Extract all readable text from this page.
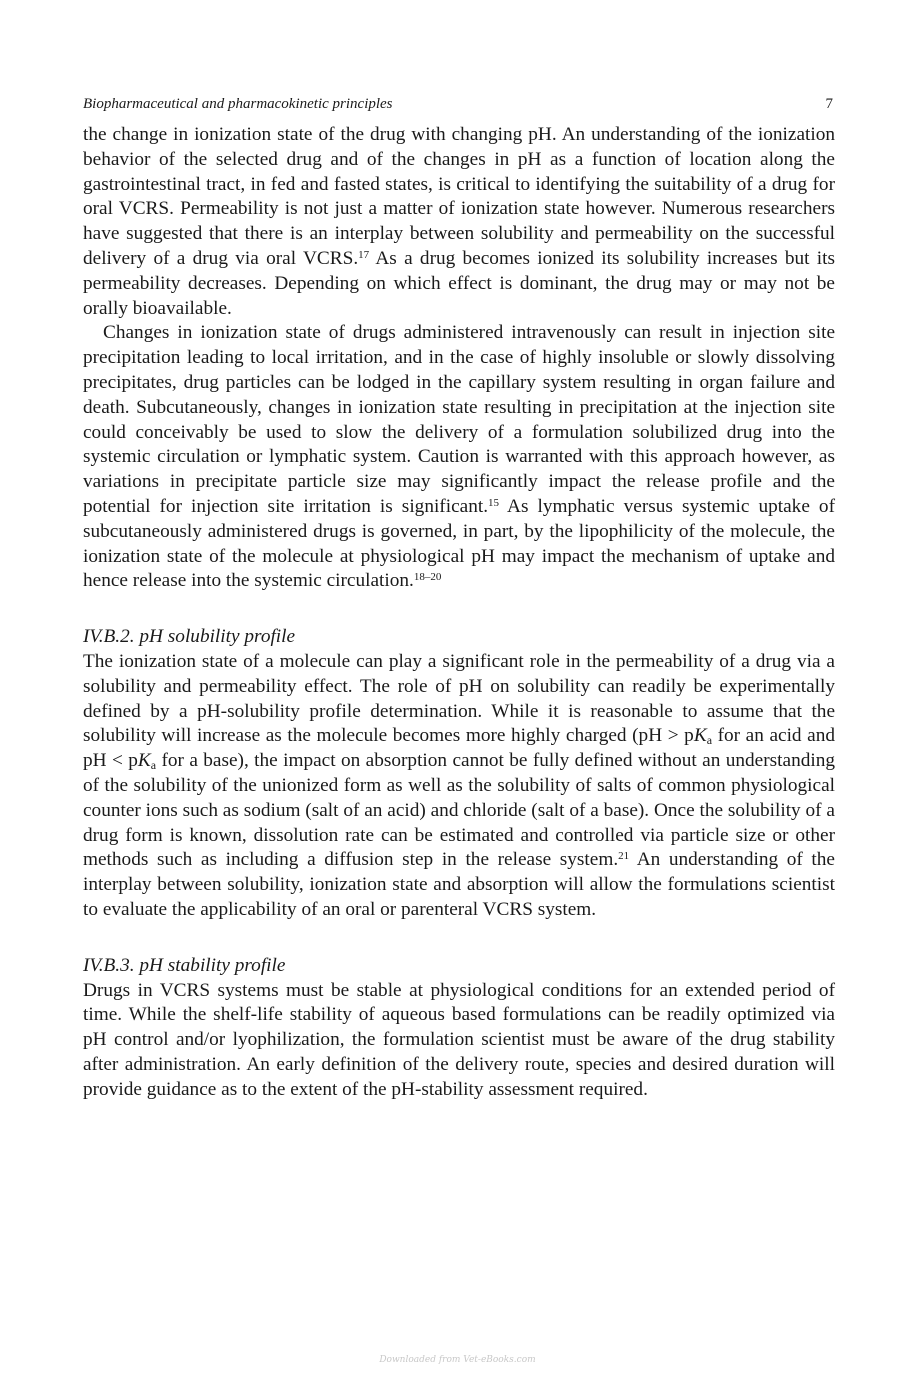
Biopharmaceutical and pharmacokinetic principles	7

the change in ionization state of the drug with changing pH. An understanding of the ionization behavior of the selected drug and of the changes in pH as a function of location along the gastrointestinal tract, in fed and fasted states, is critical to identifying the suitability of a drug for oral VCRS. Permeability is not just a matter of ionization state however. Numerous researchers have suggested that there is an interplay between solubility and permeability on the successful delivery of a drug via oral VCRS.$^{17}$ As a drug becomes ionized its solubility increases but its permeability decreases. Depending on which effect is dominant, the drug may or may not be orally bioavailable.

Changes in ionization state of drugs administered intravenously can result in injection site precipitation leading to local irritation, and in the case of highly insoluble or slowly dissolving precipitates, drug particles can be lodged in the capillary system resulting in organ failure and death. Subcutaneously, changes in ionization state resulting in precipitation at the injection site could conceivably be used to slow the delivery of a formulation solubilized drug into the systemic circulation or lymphatic system. Caution is warranted with this approach however, as variations in precipitate particle size may significantly impact the release profile and the potential for injection site irritation is significant.$^{15}$ As lymphatic versus systemic uptake of subcutaneously administered drugs is governed, in part, by the lipophilicity of the molecule, the ionization state of the molecule at physiological pH may impact the mechanism of uptake and hence release into the systemic circulation.$^{18-20}$

IV.B.2. pH solubility profile

The ionization state of a molecule can play a significant role in the permeability of a drug via a solubility and permeability effect. The role of pH on solubility can readily be experimentally defined by a pH-solubility profile determination. While it is reasonable to assume that the solubility will increase as the molecule becomes more highly charged ($pH > pK_a$ for an acid and pH < $pK_a$ for a base), the impact on absorption cannot be fully defined without an understanding of the solubility of the unionized form as well as the solubility of salts of common physiological counter ions such as sodium (salt of an acid) and chloride (salt of a base). Once the solubility of a drug form is known, dissolution rate can be estimated and controlled via particle size or other methods such as including a diffusion step in the release system.$^{21}$ An understanding of the interplay between solubility, ionization state and absorption will allow the formulations scientist to evaluate the applicability of an oral or parenteral VCRS system.

IV.B.3. pH stability profile

Drugs in VCRS systems must be stable at physiological conditions for an extended period of time. While the shelf-life stability of aqueous based formulations can be readily optimized via pH control and/or lyophilization, the formulation scientist must be aware of the drug stability after administration. An early definition of the delivery route, species and desired duration will provide guidance as to the extent of the pH-stability assessment required.

Downloaded from Vet-eBooks.com
